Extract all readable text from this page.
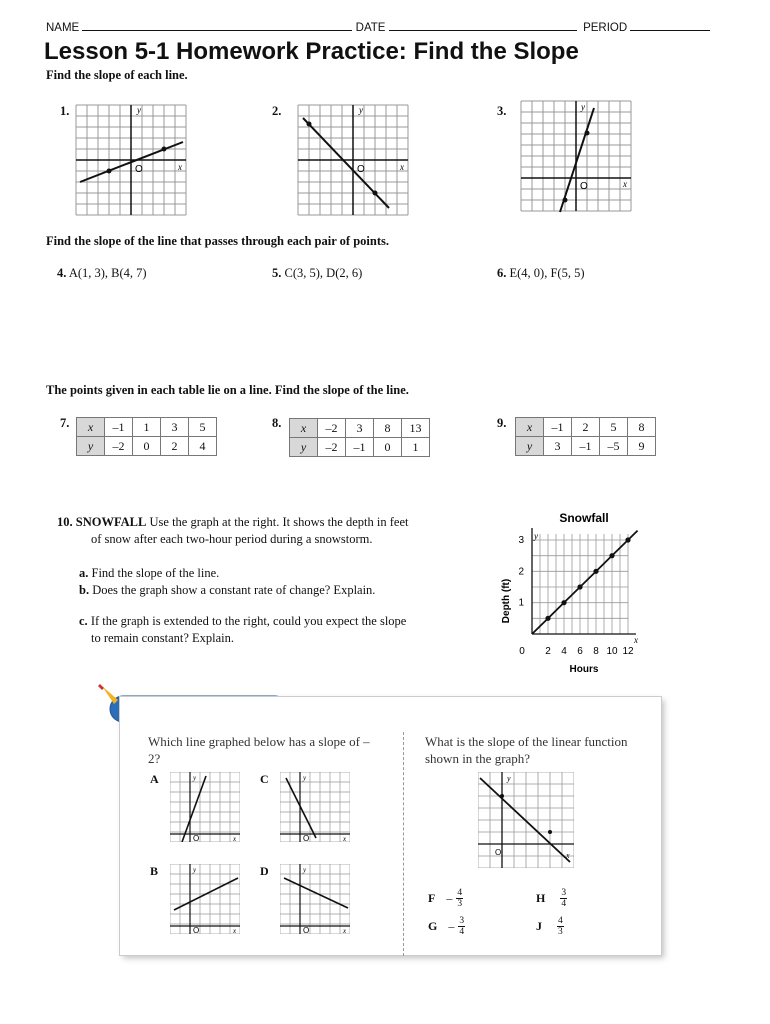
NAME	DATE	PERIOD
Lesson 5-1 Homework Practice: Find the Slope
Find the slope of each line.
1.	2.	3.
y
x
O
y
x
O
y
x
O
Find the slope of the line that passes through each pair of points.
4. A(1, 3), B(4, 7)	5. C(3, 5), D(2, 6)	6. E(4, 0), F(5, 5)
The points given in each table lie on a line. Find the slope of the line.
7. x	–1	1	3	5
y	–2	0	2	4
8. x	–2	3	8	13
y	–2	–1	0	1
9. x	–1	2	5	8
y	3	–1	–5	9
10. SNOWFALL Use the graph at the right. It shows the depth in feet of snow after each two-hour period during a snowstorm.
a. Find the slope of the line.
b. Does the graph show a constant rate of change? Explain.
c. If the graph is extended to the right, could you expect the slope to remain constant? Explain.
Snowfall
0 2 4 6 8 10 12
1
2
3
Hours
Depth (ft)
y
x
Which line graphed below has a slope of –2?
What is the slope of the linear function shown in the graph?
A	C
B	D
O
y
x	O
y
x
O
y
x	O
y
x
y
x
O
F
– $\frac{4}{3}$	H
$\frac{3}{4}$
G
– $\frac{3}{4}$	J
$\frac{4}{3}$
